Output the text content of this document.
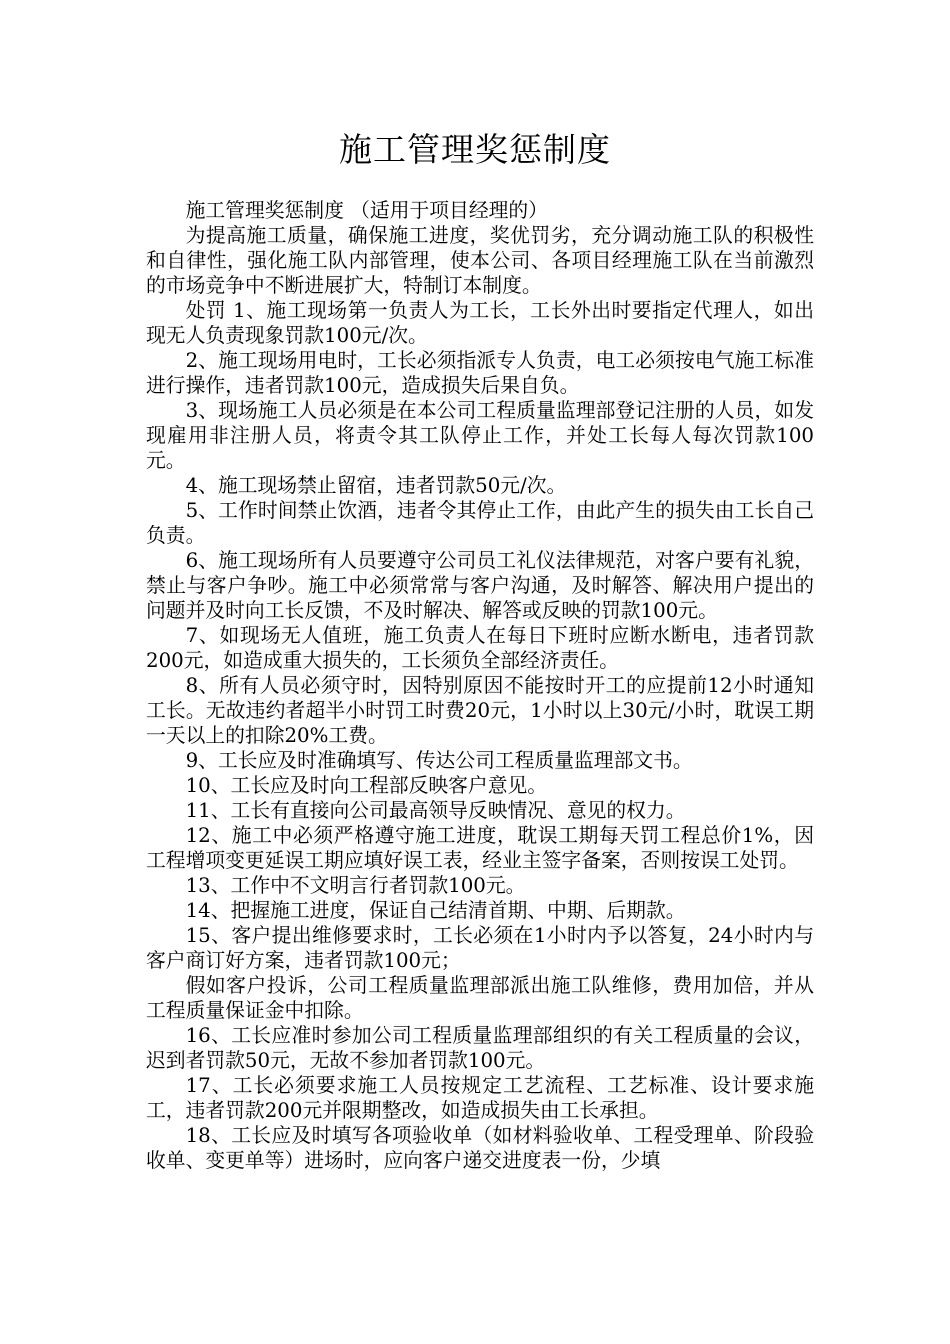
施工管理奖惩制度

施工管理奖惩制度 （适用于项目经理的）

为提高施工质量，确保施工进度，奖优罚劣，充分调动施工队的积极性和自律性，强化施工队内部管理，使本公司、各项目经理施工队在当前激烈的市场竞争中不断进展扩大，特制订本制度。

处罚 1、施工现场第一负责人为工长，工长外出时要指定代理人，如出现无人负责现象罚款100元/次。

2、施工现场用电时，工长必须指派专人负责，电工必须按电气施工标准进行操作，违者罚款100元，造成损失后果自负。

3、现场施工人员必须是在本公司工程质量监理部登记注册的人员，如发现雇用非注册人员，将责令其工队停止工作，并处工长每人每次罚款100元。

4、施工现场禁止留宿，违者罚款50元/次。

5、工作时间禁止饮酒，违者令其停止工作，由此产生的损失由工长自己负责。

6、施工现场所有人员要遵守公司员工礼仪法律规范，对客户要有礼貌，禁止与客户争吵。施工中必须常常与客户沟通，及时解答、解决用户提出的问题并及时向工长反馈，不及时解决、解答或反映的罚款100元。

7、如现场无人值班，施工负责人在每日下班时应断水断电，违者罚款200元，如造成重大损失的，工长须负全部经济责任。

8、所有人员必须守时，因特别原因不能按时开工的应提前12小时通知工长。无故违约者超半小时罚工时费20元，1小时以上30元/小时，耽误工期一天以上的扣除20%工费。

9、工长应及时准确填写、传达公司工程质量监理部文书。

10、工长应及时向工程部反映客户意见。

11、工长有直接向公司最高领导反映情况、意见的权力。

12、施工中必须严格遵守施工进度，耽误工期每天罚工程总价1%，因工程增项变更延误工期应填好误工表，经业主签字备案，否则按误工处罚。

13、工作中不文明言行者罚款100元。

14、把握施工进度，保证自己结清首期、中期、后期款。

15、客户提出维修要求时，工长必须在1小时内予以答复，24小时内与客户商订好方案，违者罚款100元；

假如客户投诉，公司工程质量监理部派出施工队维修，费用加倍，并从工程质量保证金中扣除。

16、工长应准时参加公司工程质量监理部组织的有关工程质量的会议，迟到者罚款50元，无故不参加者罚款100元。

17、工长必须要求施工人员按规定工艺流程、工艺标准、设计要求施工，违者罚款200元并限期整改，如造成损失由工长承担。

18、工长应及时填写各项验收单（如材料验收单、工程受理单、阶段验收单、变更单等）进场时，应向客户递交进度表一份，少填
